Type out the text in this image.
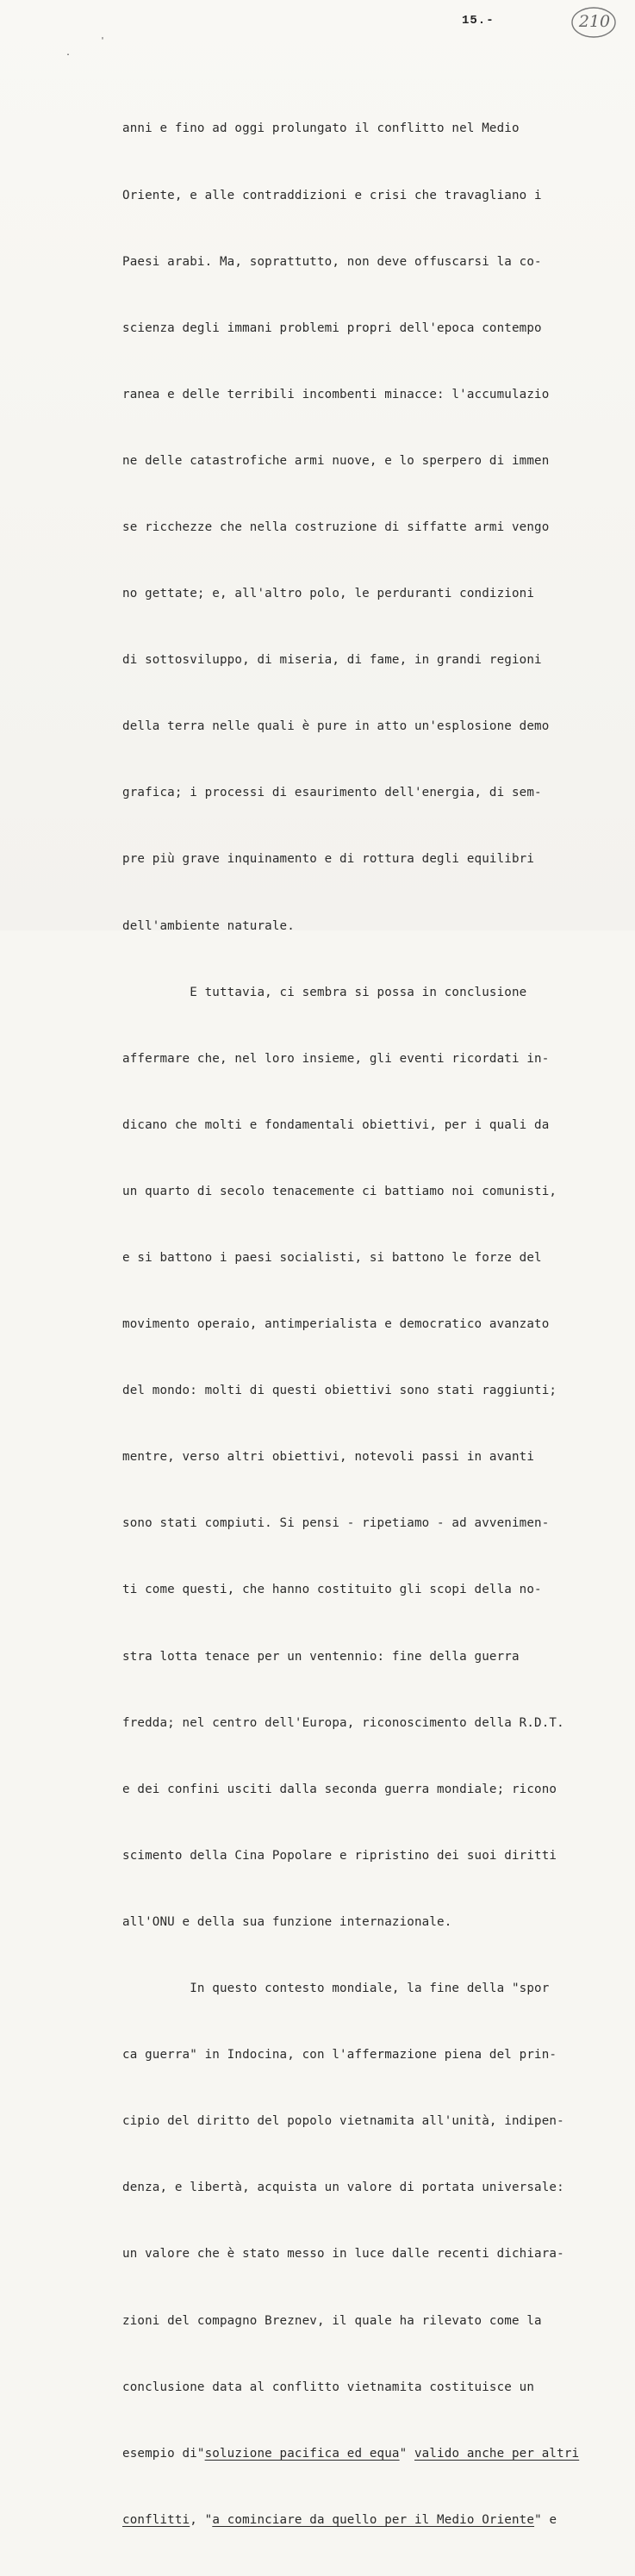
15.-	210
'
.

anni e fino ad oggi prolungato il conflitto nel Medio

Oriente, e alle contraddizioni e crisi che travagliano i

Paesi arabi. Ma, soprattutto, non deve offuscarsi la co-

scienza degli immani problemi propri dell'epoca contempo

ranea e delle terribili incombenti minacce: l'accumulazio

ne delle catastrofiche armi nuove, e lo sperpero di immen

se ricchezze che nella costruzione di siffatte armi vengo

no gettate; e, all'altro polo, le perduranti condizioni

di sottosviluppo, di miseria, di fame, in grandi regioni

della terra nelle quali è pure in atto un'esplosione demo

grafica; i processi di esaurimento dell'energia, di sem-

pre più grave inquinamento e di rottura degli equilibri

dell'ambiente naturale.

E tuttavia, ci sembra si possa in conclusione

affermare che, nel loro insieme, gli eventi ricordati in-

dicano che molti e fondamentali obiettivi, per i quali da

un quarto di secolo tenacemente ci battiamo noi comunisti,

e si battono i paesi socialisti, si battono le forze del

movimento operaio, antimperialista e democratico avanzato

del mondo: molti di questi obiettivi sono stati raggiunti;

mentre, verso altri obiettivi, notevoli passi in avanti

sono stati compiuti. Si pensi - ripetiamo - ad avvenimen-

ti come questi, che hanno costituito gli scopi della no-

stra lotta tenace per un ventennio: fine della guerra

fredda; nel centro dell'Europa, riconoscimento della R.D.T.

e dei confini usciti dalla seconda guerra mondiale; ricono

scimento della Cina Popolare e ripristino dei suoi diritti

all'ONU e della sua funzione internazionale.

In questo contesto mondiale, la fine della "spor

ca guerra" in Indocina, con l'affermazione piena del prin-

cipio del diritto del popolo vietnamita all'unità, indipen-

denza, e libertà, acquista un valore di portata universale:

un valore che è stato messo in luce dalle recenti dichiara-

zioni del compagno Breznev, il quale ha rilevato come la

conclusione data al conflitto vietnamita costituisce un

esempio di"soluzione pacifica ed equa" valido anche per altri

conflitti, "a cominciare da quello per il Medio Oriente" e
